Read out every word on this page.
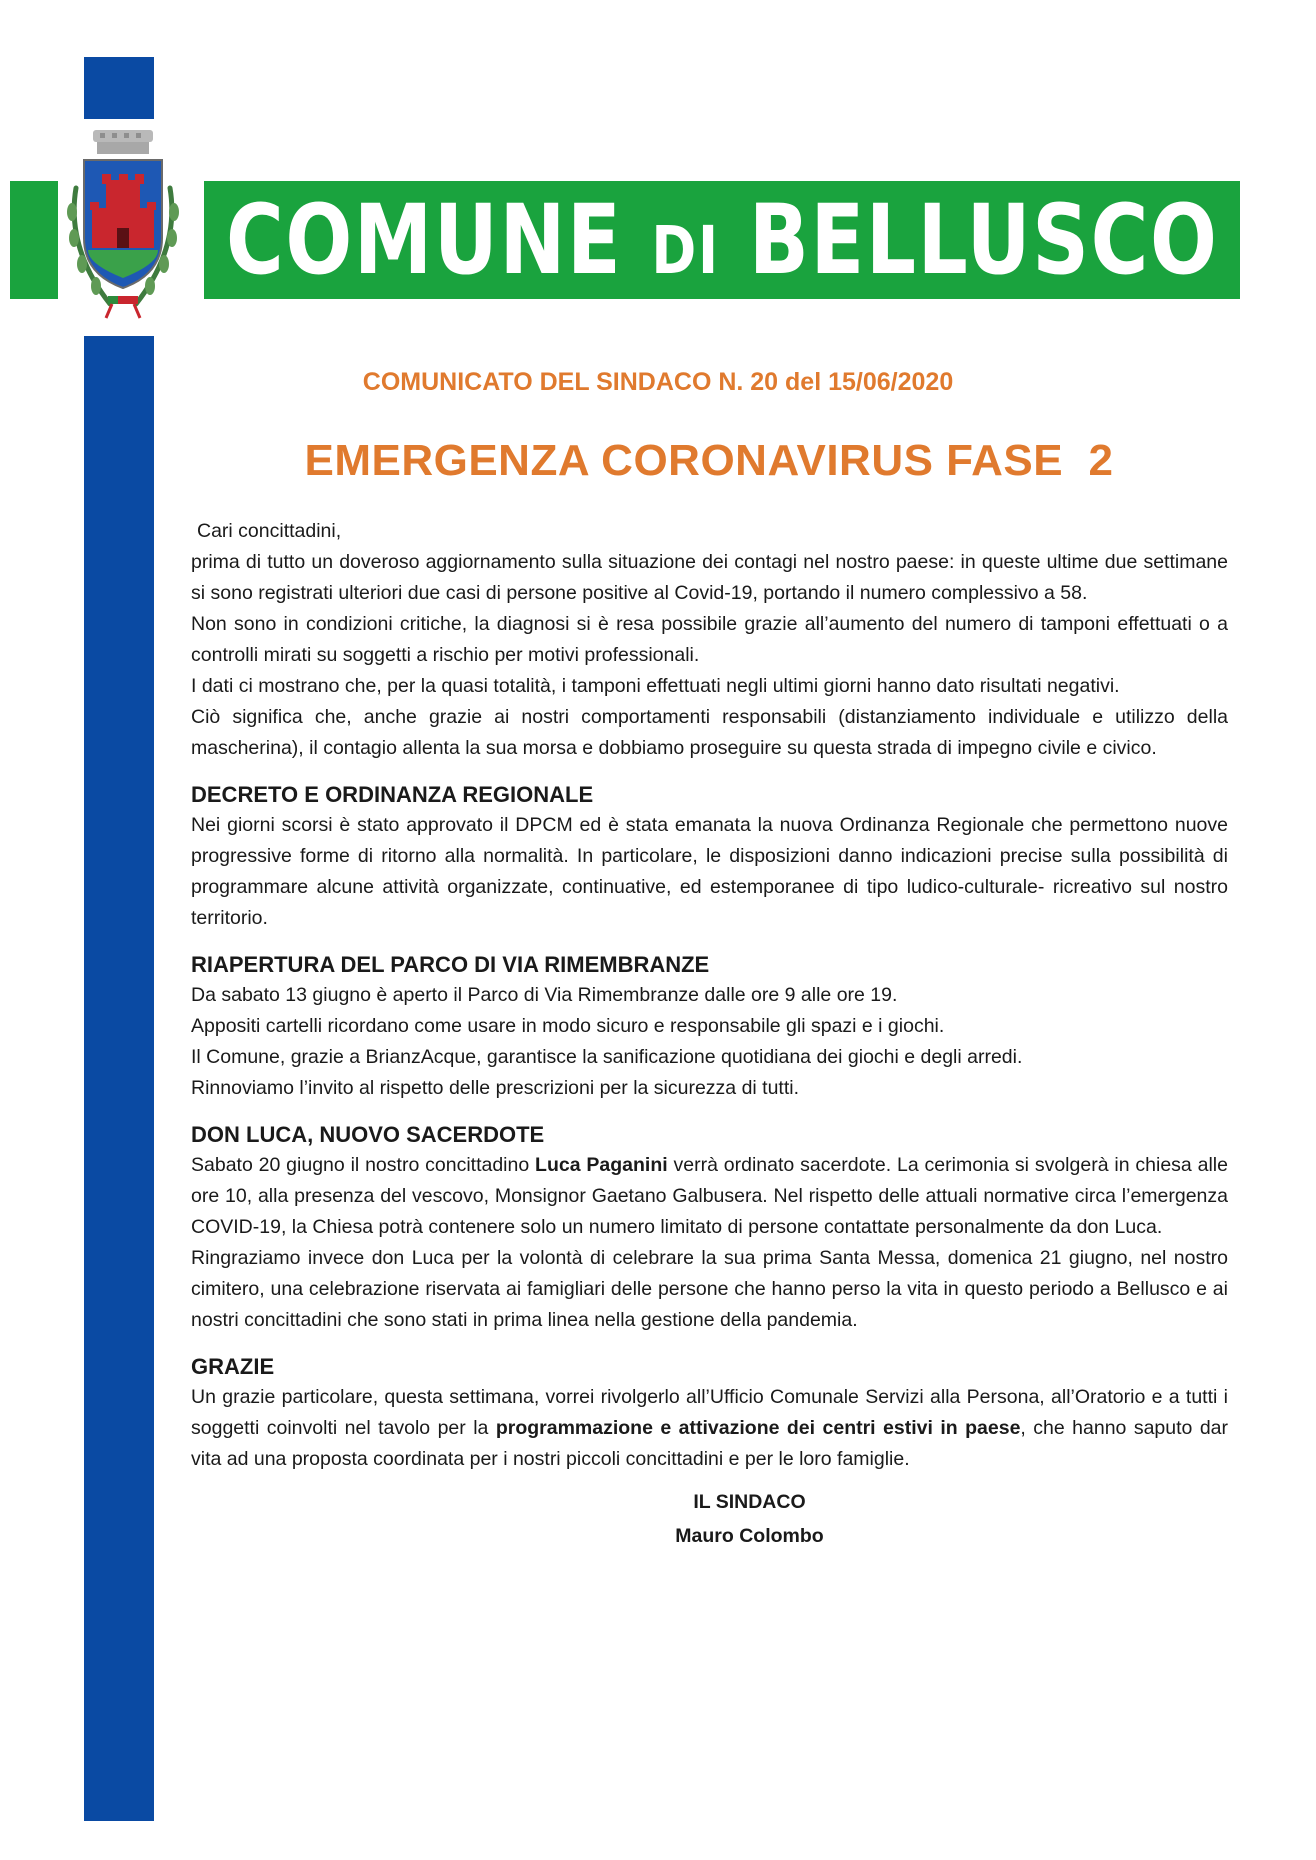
COMUNE DI BELLUSCO
COMUNICATO DEL SINDACO N. 20 del 15/06/2020
EMERGENZA CORONAVIRUS FASE  2

Cari concittadini,

prima di tutto un doveroso aggiornamento sulla situazione dei contagi nel nostro paese: in queste ultime due settimane si sono registrati ulteriori due casi di persone positive al Covid-19, portando il numero complessivo a 58.

Non sono in condizioni critiche, la diagnosi si è resa possibile grazie all’aumento del numero di tamponi effettuati o a controlli mirati su soggetti a rischio per motivi professionali.

I dati ci mostrano che, per la quasi totalità, i tamponi effettuati negli ultimi giorni hanno dato risultati negativi.

Ciò significa che, anche grazie ai nostri comportamenti responsabili (distanziamento individuale e utilizzo della mascherina), il contagio allenta la sua morsa e dobbiamo proseguire su questa strada di impegno civile e civico.

DECRETO E ORDINANZA REGIONALE

Nei giorni scorsi è stato approvato il DPCM ed è stata emanata la nuova Ordinanza Regionale che permettono nuove progressive forme di ritorno alla normalità. In particolare, le disposizioni danno indicazioni precise sulla possibilità di programmare alcune attività organizzate, continuative, ed estemporanee di tipo ludico-culturale- ricreativo sul nostro territorio.

RIAPERTURA DEL PARCO DI VIA RIMEMBRANZE

Da sabato 13 giugno è aperto il Parco di Via Rimembranze dalle ore 9 alle ore 19.

Appositi cartelli ricordano come usare in modo sicuro e responsabile gli spazi e i giochi.

Il Comune, grazie a BrianzAcque, garantisce la sanificazione quotidiana dei giochi e degli arredi.

Rinnoviamo l’invito al rispetto delle prescrizioni per la sicurezza di tutti.

DON LUCA, NUOVO SACERDOTE

Sabato 20 giugno il nostro concittadino Luca Paganini verrà ordinato sacerdote. La cerimonia si svolgerà in chiesa alle ore 10, alla presenza del vescovo, Monsignor Gaetano Galbusera. Nel rispetto delle attuali normative circa l’emergenza COVID-19, la Chiesa potrà contenere solo un numero limitato di persone contattate personalmente da don Luca.

Ringraziamo invece don Luca per la volontà di celebrare la sua prima Santa Messa, domenica 21 giugno, nel nostro cimitero, una celebrazione riservata ai famigliari delle persone che hanno perso la vita in questo periodo a Bellusco e ai nostri concittadini che sono stati in prima linea nella gestione della pandemia.

GRAZIE

Un grazie particolare, questa settimana, vorrei rivolgerlo all’Ufficio Comunale Servizi alla Persona, all’Oratorio e a tutti i soggetti coinvolti nel tavolo per la programmazione e attivazione dei centri estivi in paese, che hanno saputo dar vita ad una proposta coordinata per i nostri piccoli concittadini e per le loro famiglie.

IL SINDACO
Mauro Colombo
